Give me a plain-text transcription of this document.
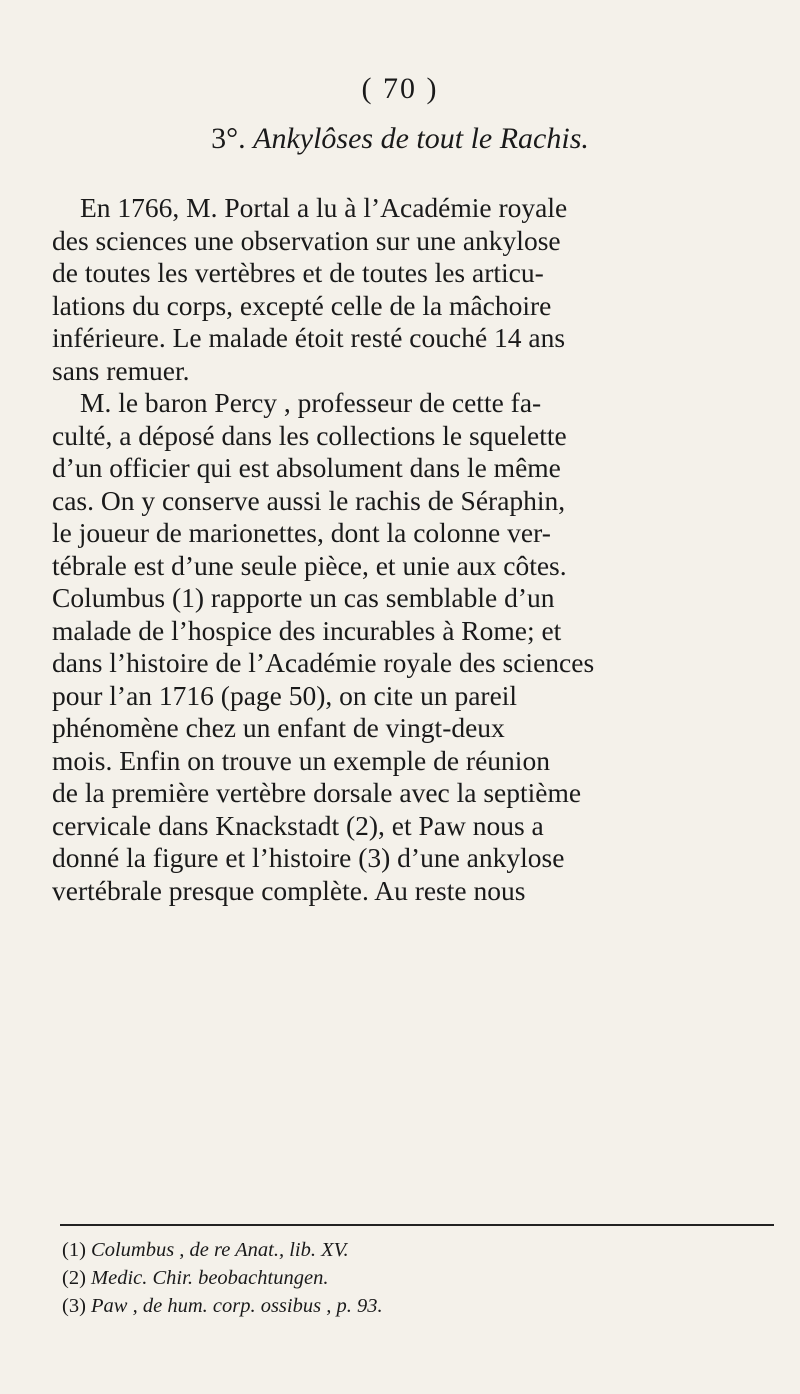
( 70 )
3°. Ankylôses de tout le Rachis.
En 1766, M. Portal a lu à l’Académie royale
des sciences une observation sur une ankylose
de toutes les vertèbres et de toutes les articu-
lations du corps, excepté celle de la mâchoire
inférieure. Le malade étoit resté couché 14 ans
sans remuer.
M. le baron Percy , professeur de cette fa-
culté, a déposé dans les collections le squelette
d’un officier qui est absolument dans le même
cas. On y conserve aussi le rachis de Séraphin,
le joueur de marionettes, dont la colonne ver-
tébrale est d’une seule pièce, et unie aux côtes.
Columbus (1) rapporte un cas semblable d’un
malade de l’hospice des incurables à Rome; et
dans l’histoire de l’Académie royale des sciences
pour l’an 1716 (page 50), on cite un pareil
phénomène chez un enfant de vingt-deux
mois. Enfin on trouve un exemple de réunion
de la première vertèbre dorsale avec la septième
cervicale dans Knackstadt (2), et Paw nous a
donné la figure et l’histoire (3) d’une ankylose
vertébrale presque complète. Au reste nous
(1) Columbus , de re Anat., lib. XV.
(2) Medic. Chir. beobachtungen.
(3) Paw , de hum. corp. ossibus , p. 93.
